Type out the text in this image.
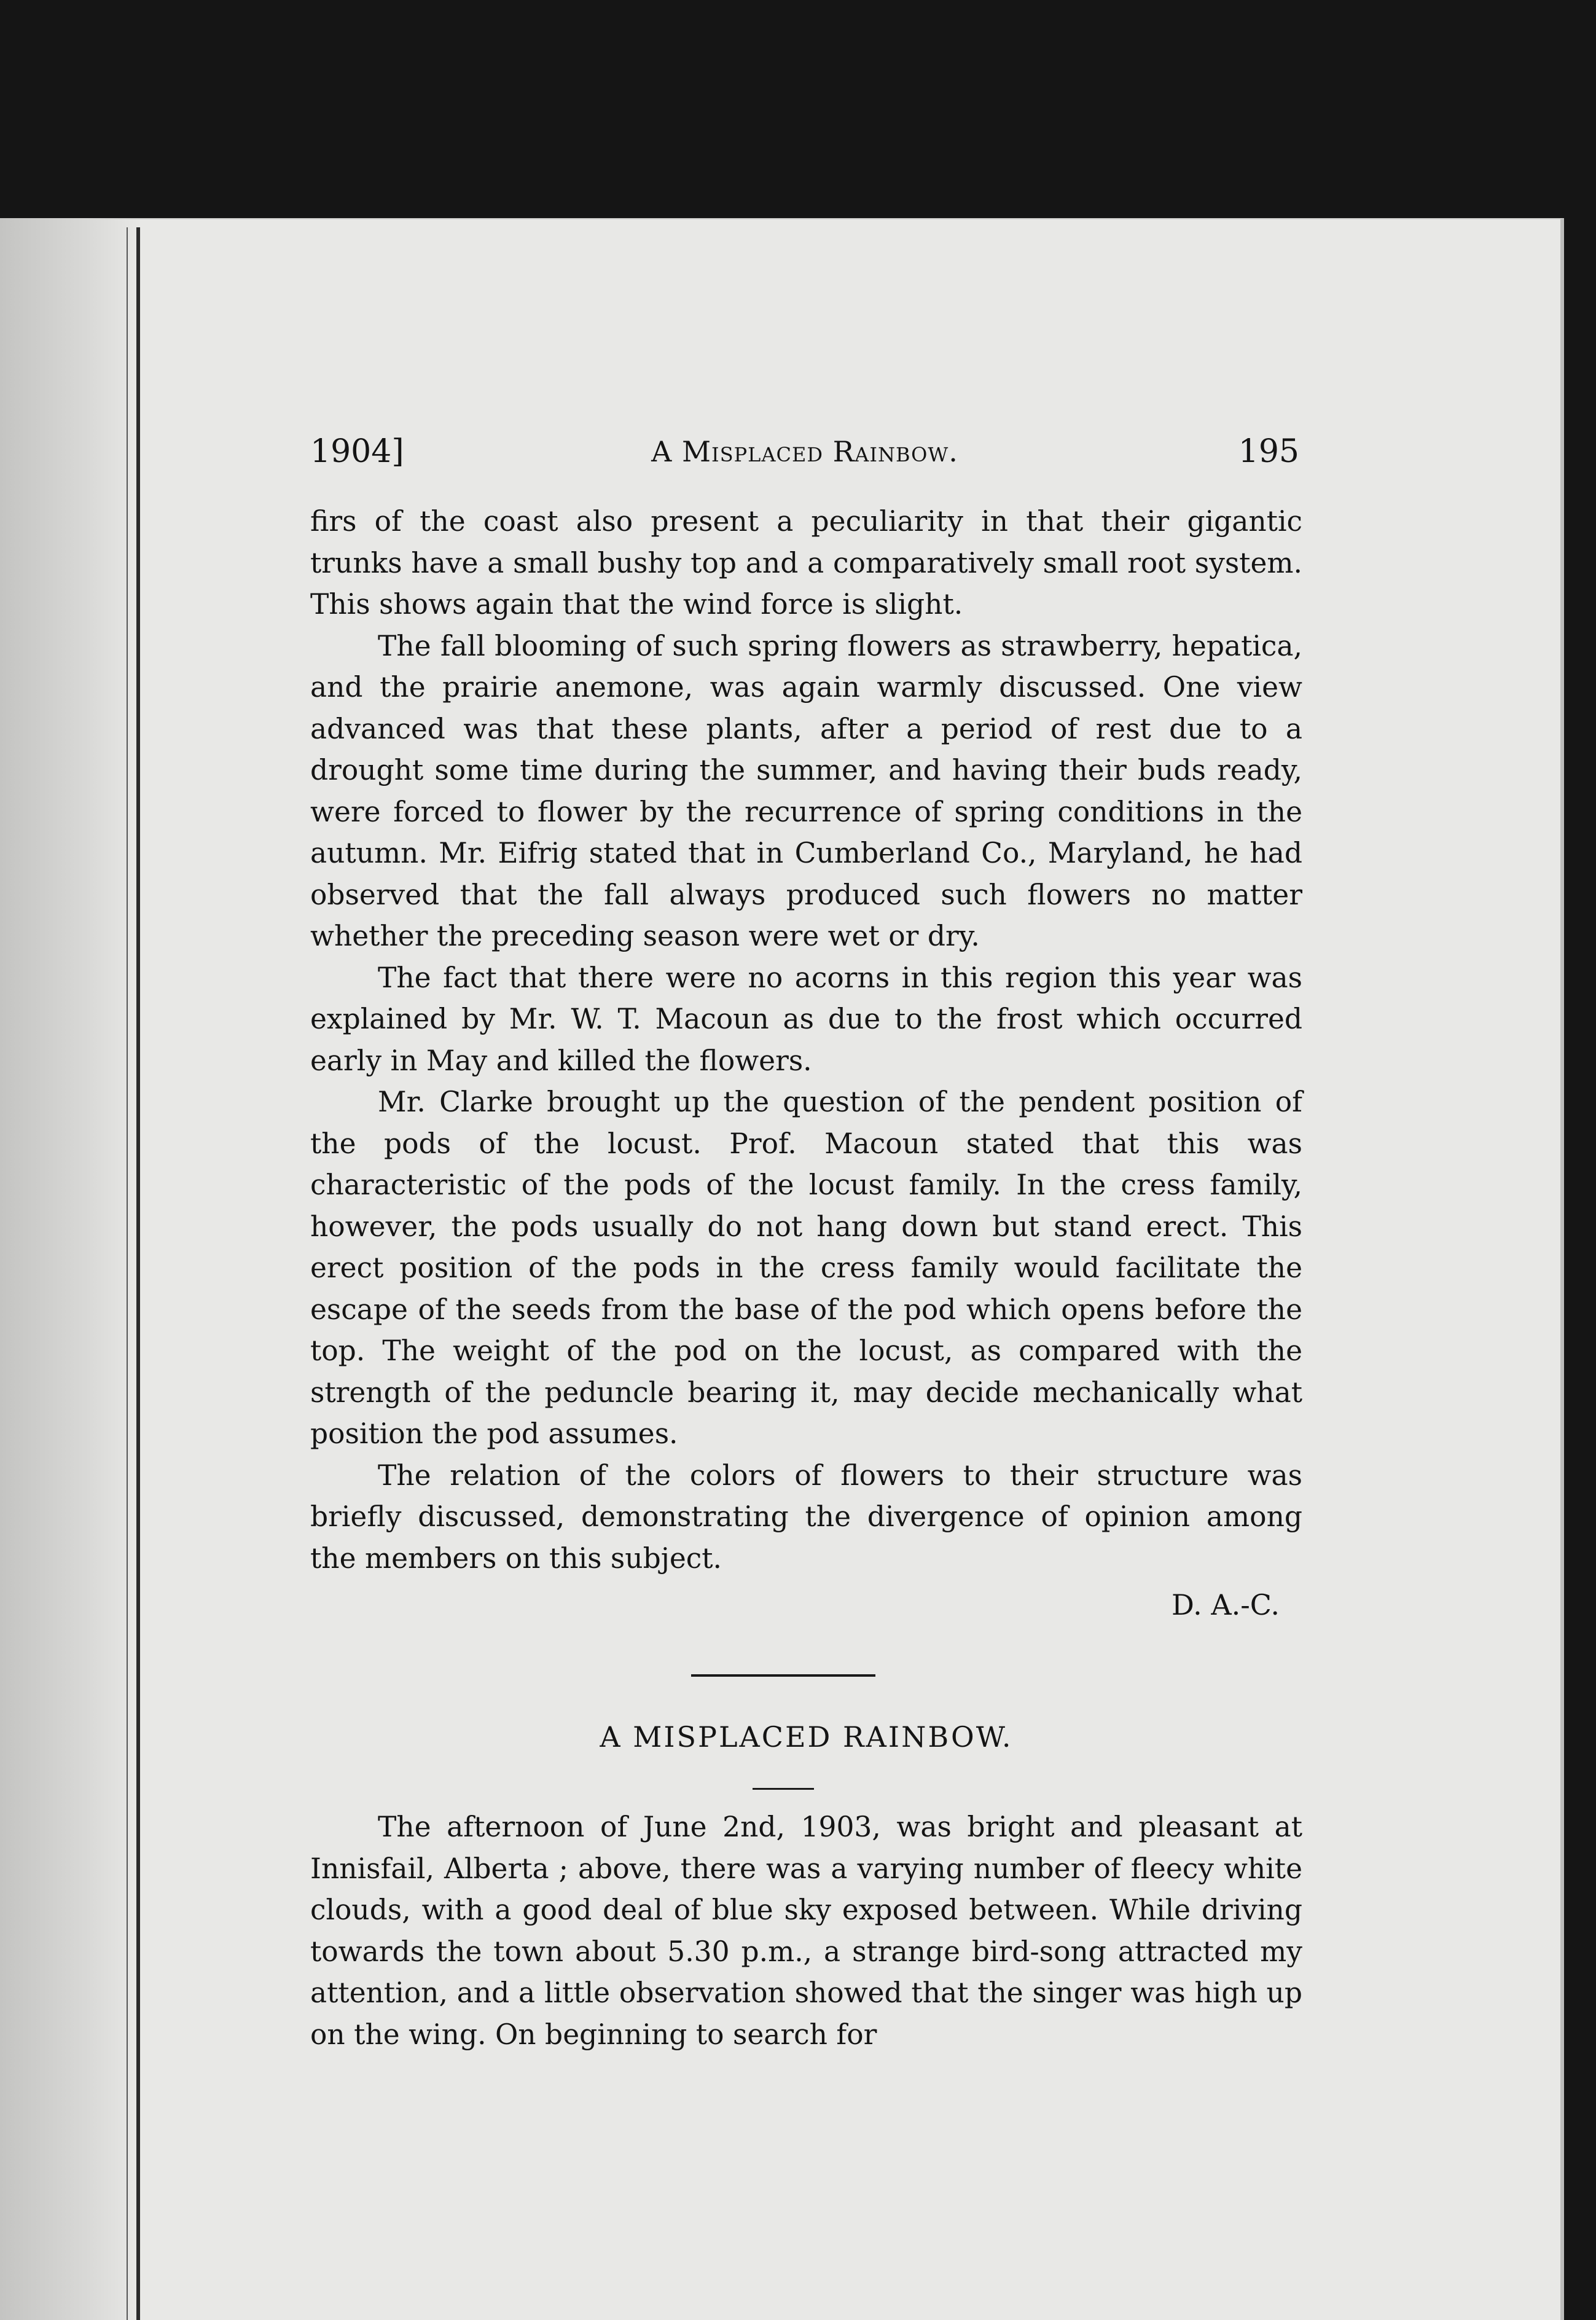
1904]	A Misplaced Rainbow.	195

firs of the coast also present a peculiarity in that their gigantic trunks have a small bushy top and a comparatively small root system. This shows again that the wind force is slight.

The fall blooming of such spring flowers as strawberry, hepatica, and the prairie anemone, was again warmly discussed. One view advanced was that these plants, after a period of rest due to a drought some time during the summer, and having their buds ready, were forced to flower by the recurrence of spring conditions in the autumn. Mr. Eifrig stated that in Cumberland Co., Maryland, he had observed that the fall always produced such flowers no matter whether the preceding season were wet or dry.

The fact that there were no acorns in this region this year was explained by Mr. W. T. Macoun as due to the frost which occurred early in May and killed the flowers.

Mr. Clarke brought up the question of the pendent position of the pods of the locust. Prof. Macoun stated that this was characteristic of the pods of the locust family. In the cress family, however, the pods usually do not hang down but stand erect. This erect position of the pods in the cress family would facilitate the escape of the seeds from the base of the pod which opens before the top. The weight of the pod on the locust, as compared with the strength of the peduncle bearing it, may decide mechanically what position the pod assumes.

The relation of the colors of flowers to their structure was briefly discussed, demonstrating the divergence of opinion among the members on this subject.

D. A.-C.
A MISPLACED RAINBOW.

The afternoon of June 2nd, 1903, was bright and pleasant at Innisfail, Alberta ; above, there was a varying number of fleecy white clouds, with a good deal of blue sky exposed between. While driving towards the town about 5.30 p.m., a strange bird-song attracted my attention, and a little observation showed that the singer was high up on the wing. On beginning to search for
